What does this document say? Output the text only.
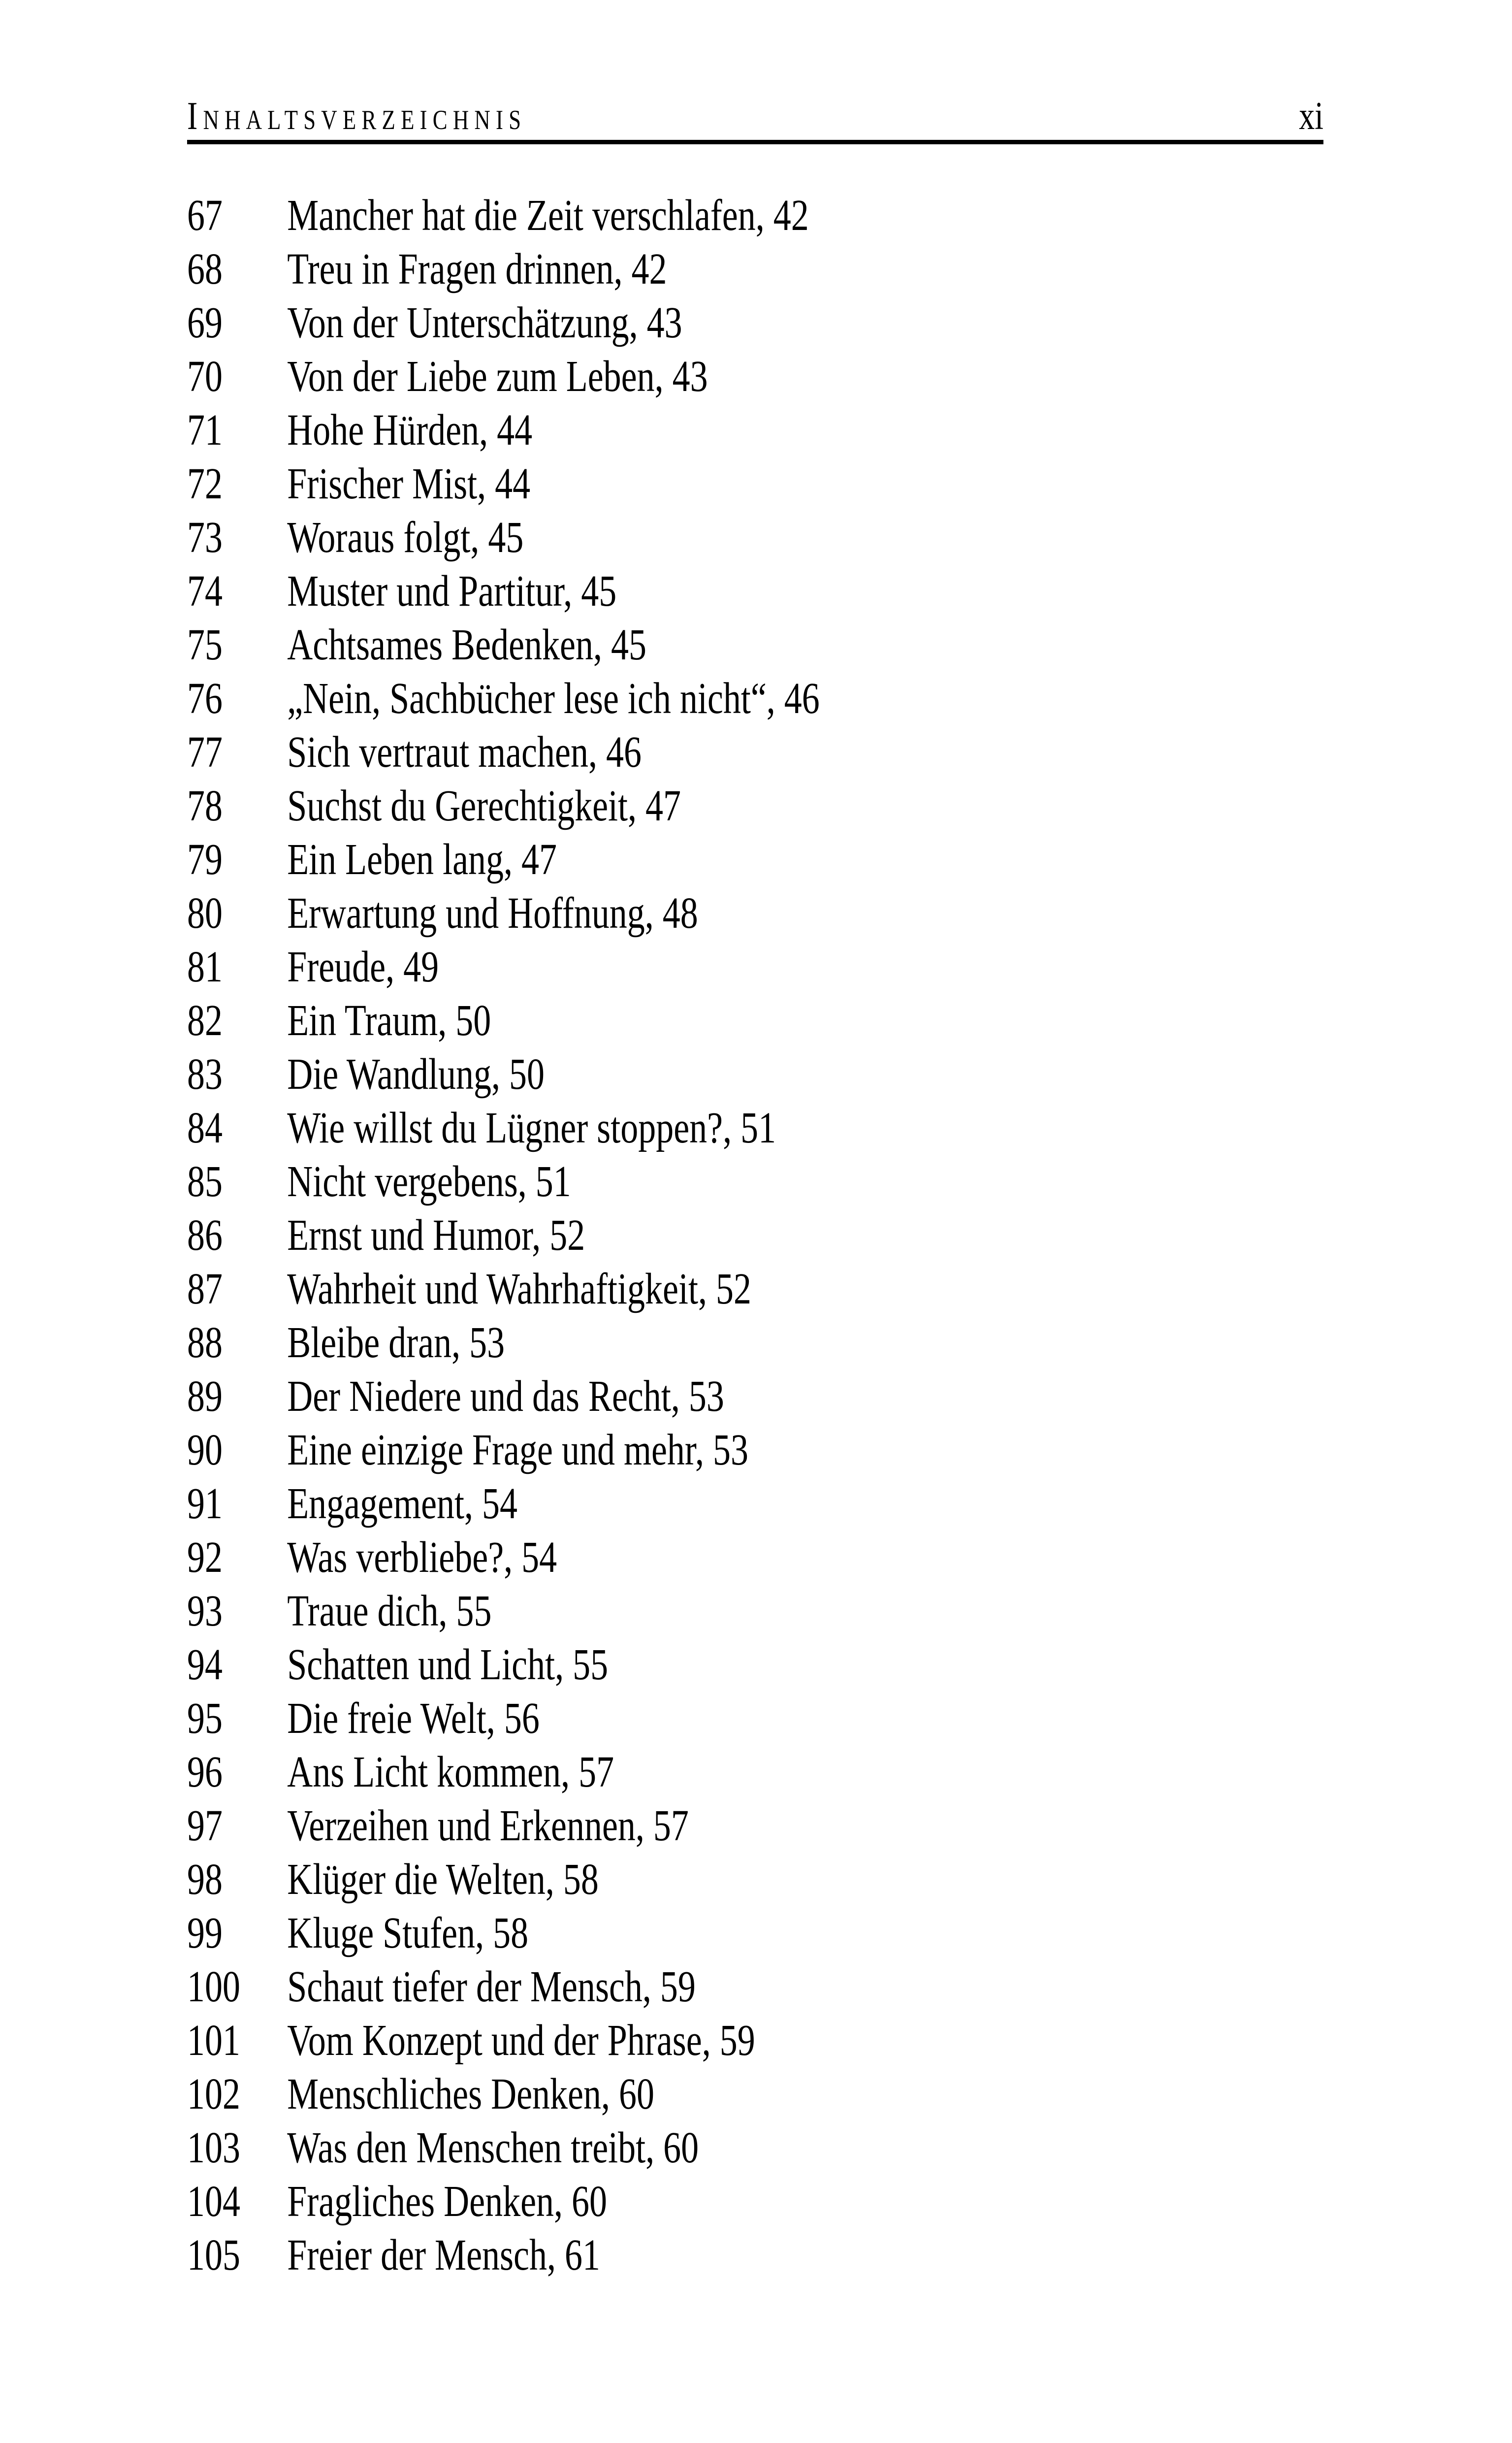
Inhaltsverzeichnis	xi
67	Mancher hat die Zeit verschlafen, 42
68	Treu in Fragen drinnen, 42
69	Von der Unterschätzung, 43
70	Von der Liebe zum Leben, 43
71	Hohe Hürden, 44
72	Frischer Mist, 44
73	Woraus folgt, 45
74	Muster und Partitur, 45
75	Achtsames Bedenken, 45
76	„Nein, Sachbücher lese ich nicht“, 46
77	Sich vertraut machen, 46
78	Suchst du Gerechtigkeit, 47
79	Ein Leben lang, 47
80	Erwartung und Hoffnung, 48
81	Freude, 49
82	Ein Traum, 50
83	Die Wandlung, 50
84	Wie willst du Lügner stoppen?, 51
85	Nicht vergebens, 51
86	Ernst und Humor, 52
87	Wahrheit und Wahrhaftigkeit, 52
88	Bleibe dran, 53
89	Der Niedere und das Recht, 53
90	Eine einzige Frage und mehr, 53
91	Engagement, 54
92	Was verbliebe?, 54
93	Traue dich, 55
94	Schatten und Licht, 55
95	Die freie Welt, 56
96	Ans Licht kommen, 57
97	Verzeihen und Erkennen, 57
98	Klüger die Welten, 58
99	Kluge Stufen, 58
100	Schaut tiefer der Mensch, 59
101	Vom Konzept und der Phrase, 59
102	Menschliches Denken, 60
103	Was den Menschen treibt, 60
104	Fragliches Denken, 60
105	Freier der Mensch, 61
